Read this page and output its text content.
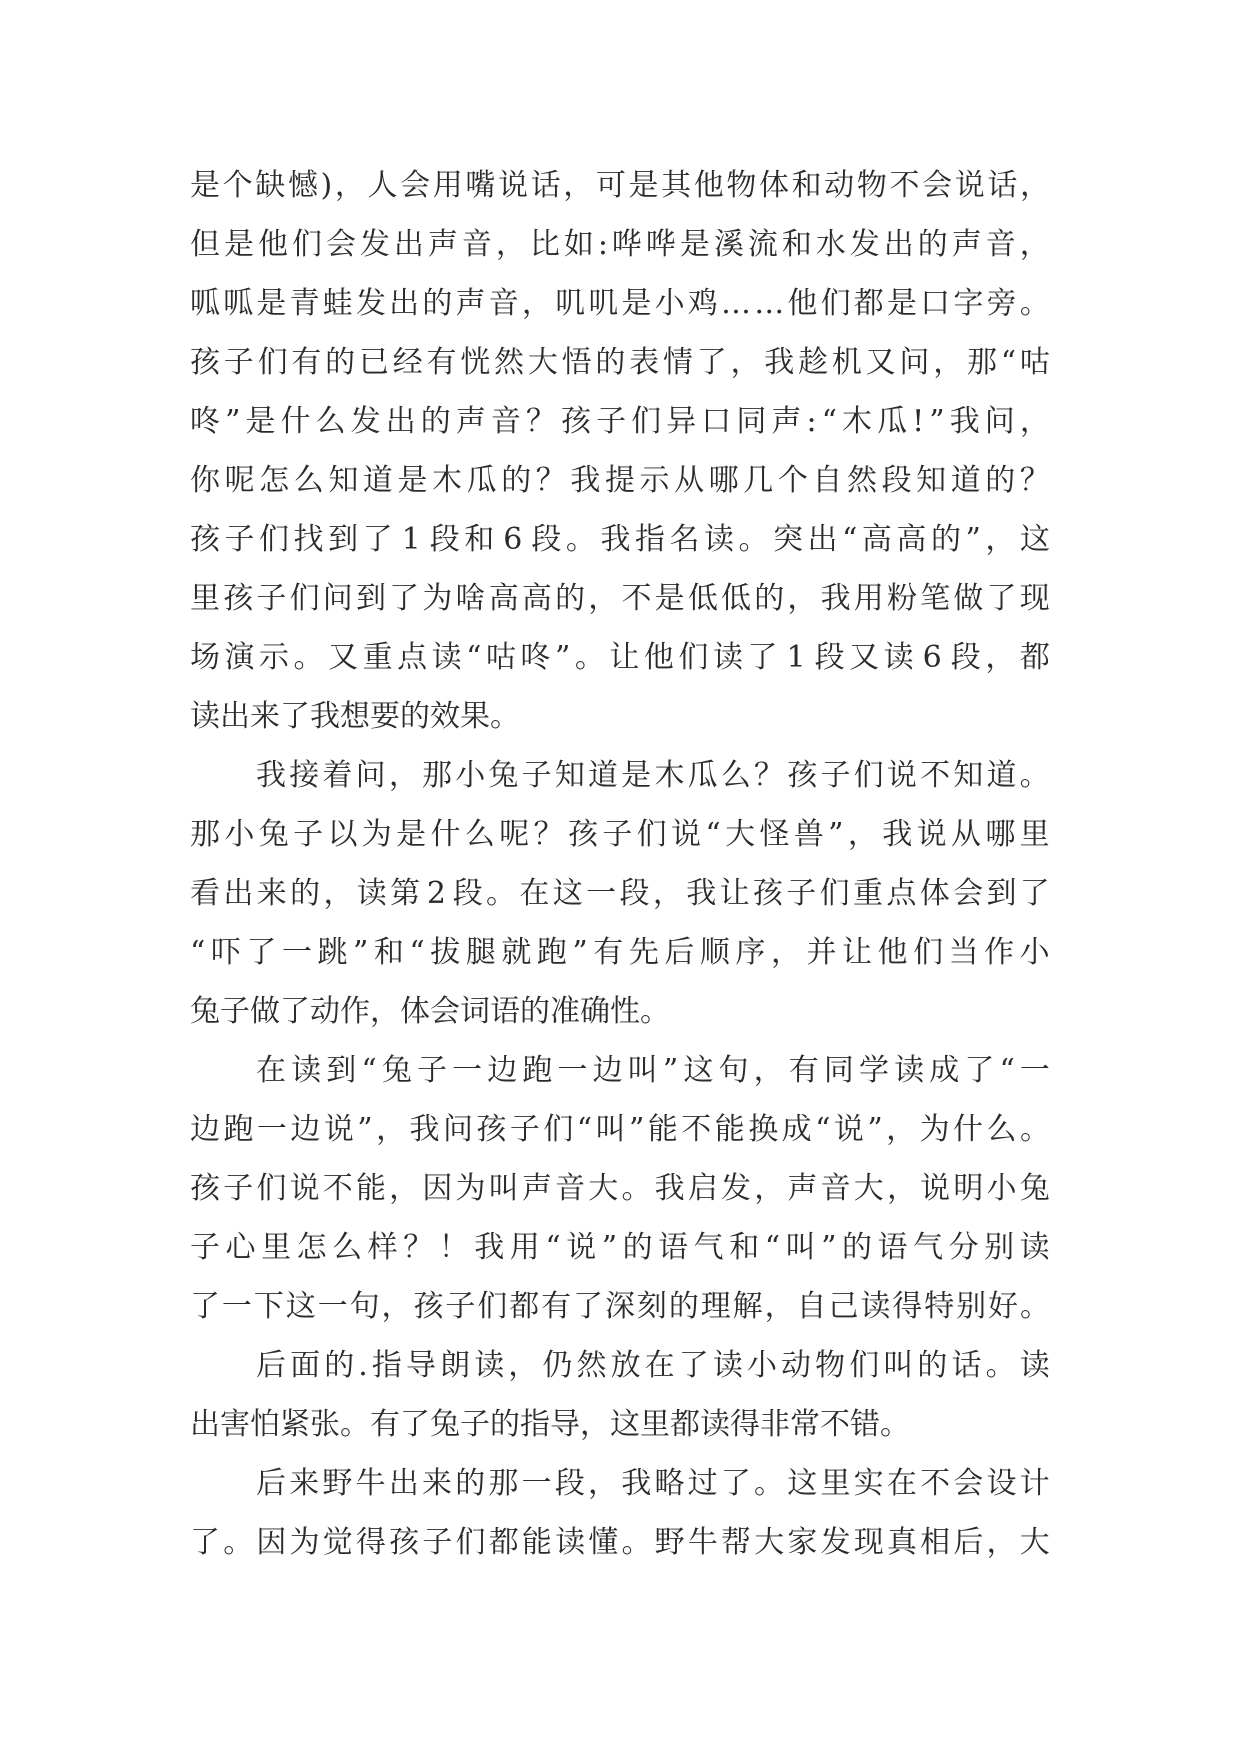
是 个 缺 憾 ) ， 人 会 用 嘴 说 话 ， 可 是 其 他 物 体 和 动 物 不 会 说 话 ，
但 是 他 们 会 发 出 声 音 ， 比 如 : 哗 哗 是 溪 流 和 水 发 出 的 声 音 ，
呱 呱 是 青 蛙 发 出 的 声 音 ， 叽 叽 是 小 鸡 … … 他 们 都 是 口 字 旁 。
孩 子 们 有 的 已 经 有 恍 然 大 悟 的 表 情 了 ， 我 趁 机 又 问 ， 那 “ 咕
咚 ” 是 什 么 发 出 的 声 音 ？ 孩 子 们 异 口 同 声 : “ 木 瓜 ! ” 我 问 ，
你 呢 怎 么 知 道 是 木 瓜 的 ？ 我 提 示 从 哪 几 个 自 然 段 知 道 的 ？
孩 子 们 找 到 了 1 段 和 6 段 。 我 指 名 读 。 突 出 “ 高 高 的 ” ， 这
里 孩 子 们 问 到 了 为 啥 高 高 的 ， 不 是 低 低 的 ， 我 用 粉 笔 做 了 现
场 演 示 。 又 重 点 读 “ 咕 咚 ” 。 让 他 们 读 了 1 段 又 读 6 段 ， 都
读出来了我想要的效果。
我 接 着 问 ， 那 小 兔 子 知 道 是 木 瓜 么 ？ 孩 子 们 说 不 知 道 。
那 小 兔 子 以 为 是 什 么 呢 ？ 孩 子 们 说 “ 大 怪 兽 ” ， 我 说 从 哪 里
看 出 来 的 ， 读 第 2 段 。 在 这 一 段 ， 我 让 孩 子 们 重 点 体 会 到 了
“ 吓 了 一 跳 ” 和 “ 拔 腿 就 跑 ” 有 先 后 顺 序 ， 并 让 他 们 当 作 小
兔子做了动作，体会词语的准确性。
在 读 到 “ 兔 子 一 边 跑 一 边 叫 ” 这 句 ， 有 同 学 读 成 了 “ 一
边 跑 一 边 说 ” ， 我 问 孩 子 们 “ 叫 ” 能 不 能 换 成 “ 说 ” ， 为 什 么 。
孩 子 们 说 不 能 ， 因 为 叫 声 音 大 。 我 启 发 ， 声 音 大 ， 说 明 小 兔
子 心 里 怎 么 样 ？ ！ 我 用 “ 说 ” 的 语 气 和 “ 叫 ” 的 语 气 分 别 读
了 一 下 这 一 句 ， 孩 子 们 都 有 了 深 刻 的 理 解 ， 自 己 读 得 特 别 好 。
后 面 的 . 指 导 朗 读 ， 仍 然 放 在 了 读 小 动 物 们 叫 的 话 。 读
出害怕紧张。有了兔子的指导，这里都读得非常不错。
后 来 野 牛 出 来 的 那 一 段 ， 我 略 过 了 。 这 里 实 在 不 会 设 计
了 。 因 为 觉 得 孩 子 们 都 能 读 懂 。 野 牛 帮 大 家 发 现 真 相 后 ， 大
